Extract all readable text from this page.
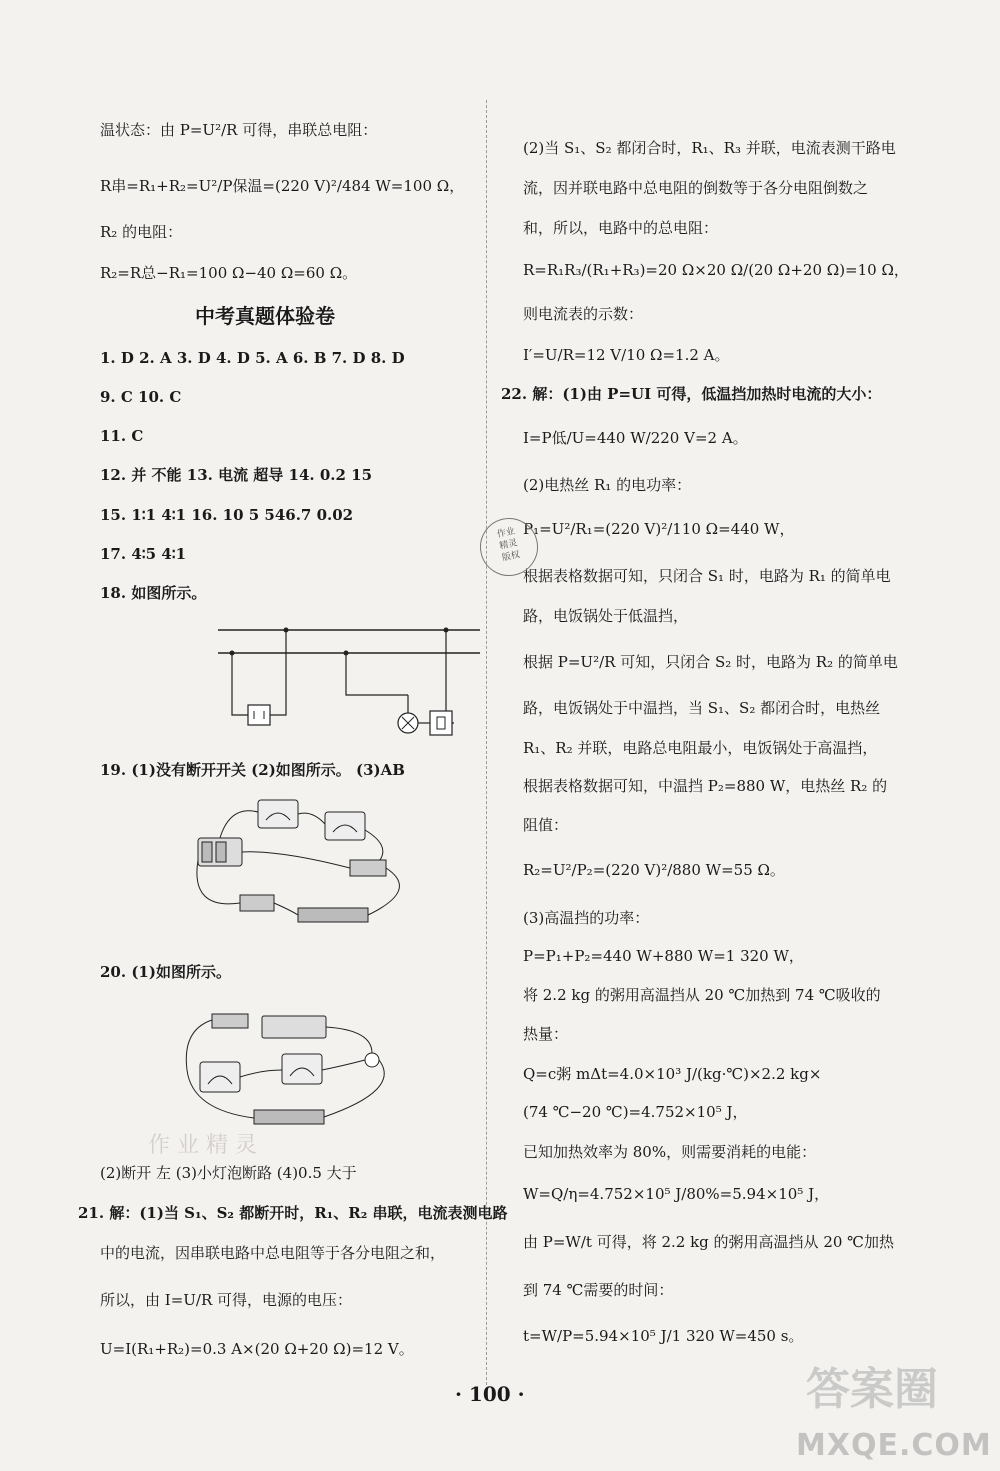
温状态：由 P=U²/R 可得，串联总电阻：
R串=R₁+R₂=U²/P保温=(220 V)²/484 W=100 Ω，
R₂ 的电阻：
R₂=R总−R₁=100 Ω−40 Ω=60 Ω。
中考真题体验卷
1. D 2. A 3. D 4. D 5. A 6. B 7. D 8. D
9. C 10. C
11. C
12. 并 不能 13. 电流 超导 14. 0.2 15
15. 1∶1 4∶1 16. 10 5 546.7 0.02
17. 4∶5 4∶1
18. 如图所示。
19. (1)没有断开开关 (2)如图所示。 (3)AB
20. (1)如图所示。
作 业 精 灵
(2)断开 左 (3)小灯泡断路 (4)0.5 大于
21. 解：(1)当 S₁、S₂ 都断开时，R₁、R₂ 串联，电流表测电路
中的电流，因串联电路中总电阻等于各分电阻之和，
所以，由 I=U/R 可得，电源的电压：
U=I(R₁+R₂)=0.3 A×(20 Ω+20 Ω)=12 V。
(2)当 S₁、S₂ 都闭合时，R₁、R₃ 并联，电流表测干路电
流，因并联电路中总电阻的倒数等于各分电阻倒数之
和，所以，电路中的总电阻：
R=R₁R₃/(R₁+R₃)=20 Ω×20 Ω/(20 Ω+20 Ω)=10 Ω，
则电流表的示数：
I′=U/R=12 V/10 Ω=1.2 A。
22. 解：(1)由 P=UI 可得，低温挡加热时电流的大小：
I=P低/U=440 W/220 V=2 A。
(2)电热丝 R₁ 的电功率：
P₁=U²/R₁=(220 V)²/110 Ω=440 W，
根据表格数据可知，只闭合 S₁ 时，电路为 R₁ 的简单电
路，电饭锅处于低温挡，
根据 P=U²/R 可知，只闭合 S₂ 时，电路为 R₂ 的简单电
路，电饭锅处于中温挡，当 S₁、S₂ 都闭合时，电热丝
R₁、R₂ 并联，电路总电阻最小，电饭锅处于高温挡，
根据表格数据可知，中温挡 P₂=880 W，电热丝 R₂ 的
阻值：
R₂=U²/P₂=(220 V)²/880 W=55 Ω。
(3)高温挡的功率：
P=P₁+P₂=440 W+880 W=1 320 W，
将 2.2 kg 的粥用高温挡从 20 ℃加热到 74 ℃吸收的
热量：
Q=c粥 mΔt=4.0×10³ J/(kg·℃)×2.2 kg×
(74 ℃−20 ℃)=4.752×10⁵ J，
已知加热效率为 80%，则需要消耗的电能：
W=Q/η=4.752×10⁵ J/80%=5.94×10⁵ J，
由 P=W/t 可得，将 2.2 kg 的粥用高温挡从 20 ℃加热
到 74 ℃需要的时间：
t=W/P=5.94×10⁵ J/1 320 W=450 s。
作业
精灵
版权
· 100 ·	答案圈
MXQE.COM
